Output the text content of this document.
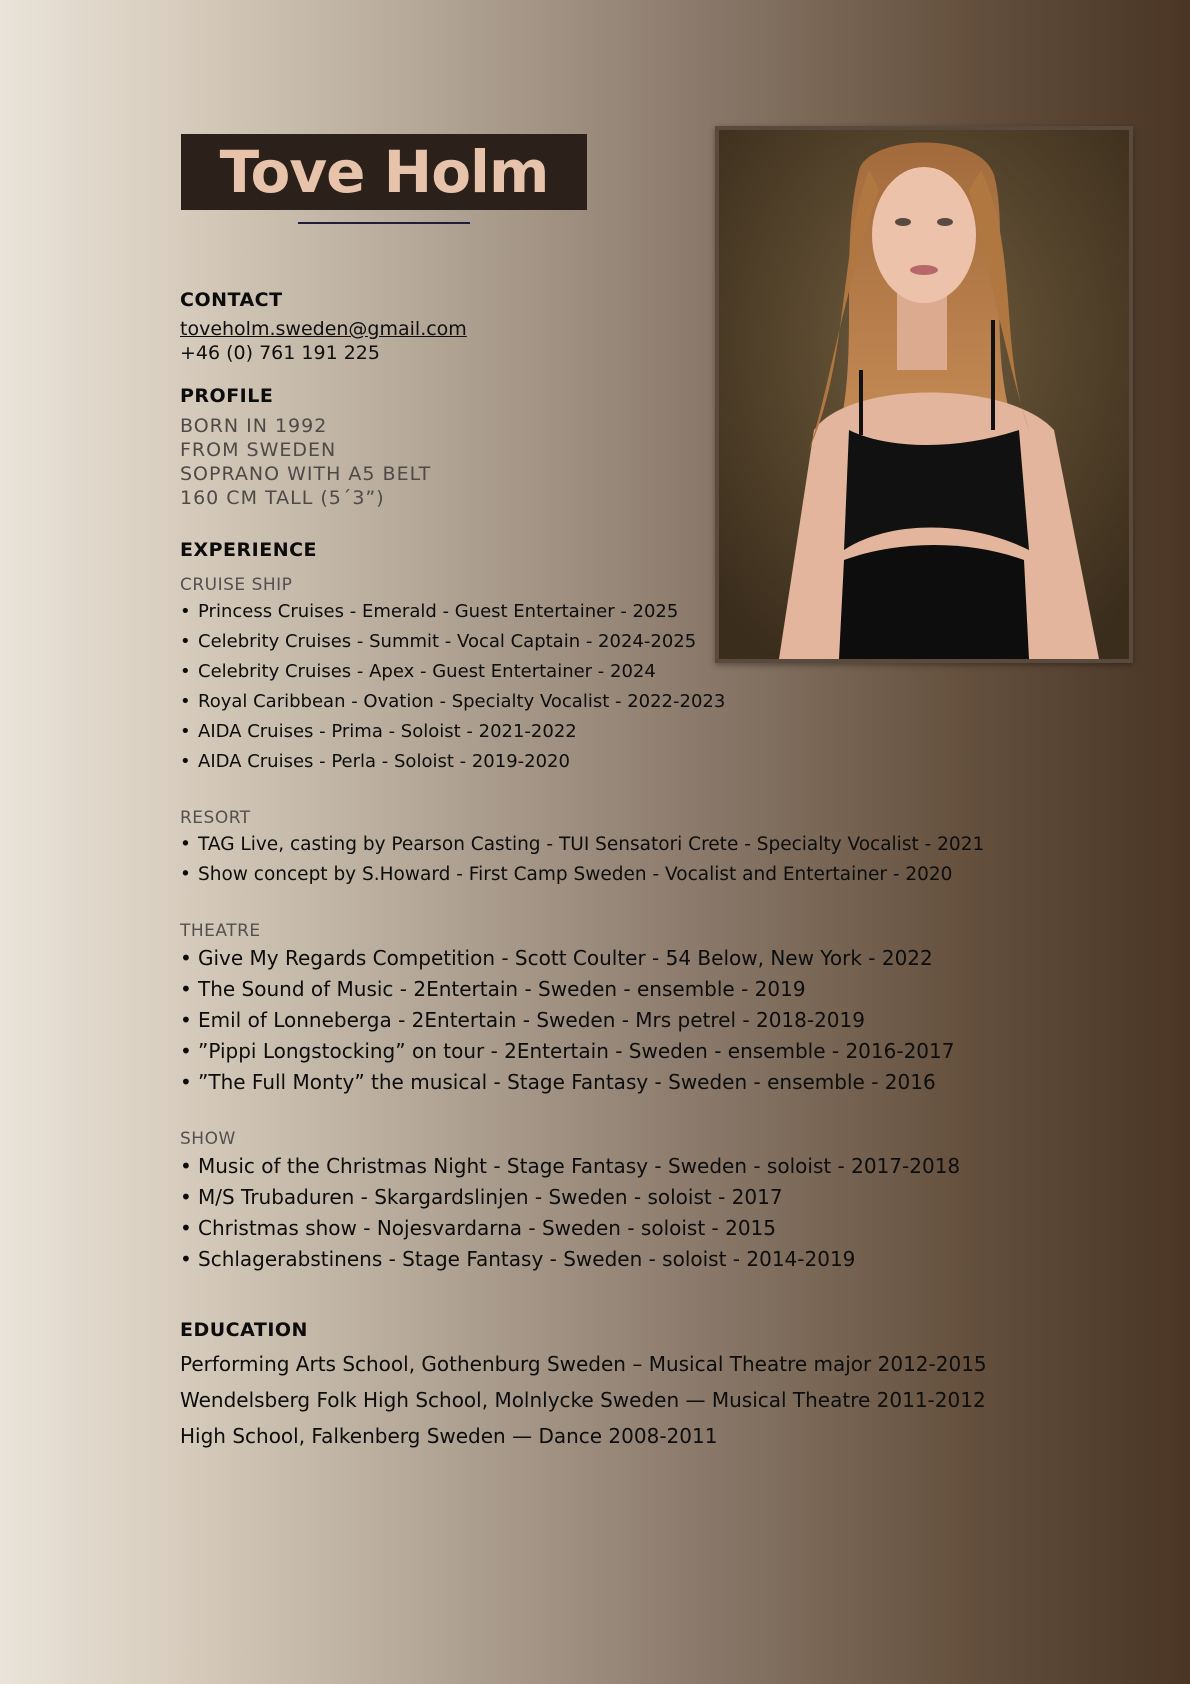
Tove Holm
CONTACT
toveholm.sweden@gmail.com
+46 (0) 761 191 225
PROFILE
BORN IN 1992
FROM SWEDEN
SOPRANO WITH A5 BELT
160 CM TALL (5´3”)
EXPERIENCE
CRUISE SHIP
• Princess Cruises - Emerald - Guest Entertainer - 2025
• Celebrity Cruises - Summit - Vocal Captain - 2024-2025
• Celebrity Cruises - Apex - Guest Entertainer - 2024
• Royal Caribbean - Ovation - Specialty Vocalist - 2022-2023
• AIDA Cruises - Prima - Soloist - 2021-2022
• AIDA Cruises - Perla - Soloist - 2019-2020
RESORT
• TAG Live, casting by Pearson Casting - TUI Sensatori Crete - Specialty Vocalist - 2021
• Show concept by S.Howard - First Camp Sweden - Vocalist and Entertainer - 2020
THEATRE
• Give My Regards Competition - Scott Coulter - 54 Below, New York - 2022
• The Sound of Music - 2Entertain - Sweden - ensemble - 2019
• Emil of Lonneberga - 2Entertain - Sweden - Mrs petrel - 2018-2019
• ”Pippi Longstocking” on tour - 2Entertain - Sweden - ensemble - 2016-2017
• ”The Full Monty” the musical - Stage Fantasy - Sweden - ensemble - 2016
SHOW
• Music of the Christmas Night - Stage Fantasy - Sweden - soloist - 2017-2018
• M/S Trubaduren - Skargardslinjen - Sweden - soloist - 2017
• Christmas show - Nojesvardarna - Sweden - soloist - 2015
• Schlagerabstinens - Stage Fantasy - Sweden - soloist - 2014-2019
EDUCATION
Performing Arts School, Gothenburg Sweden – Musical Theatre major 2012-2015
Wendelsberg Folk High School, Molnlycke Sweden — Musical Theatre 2011-2012
High School, Falkenberg Sweden — Dance 2008-2011
